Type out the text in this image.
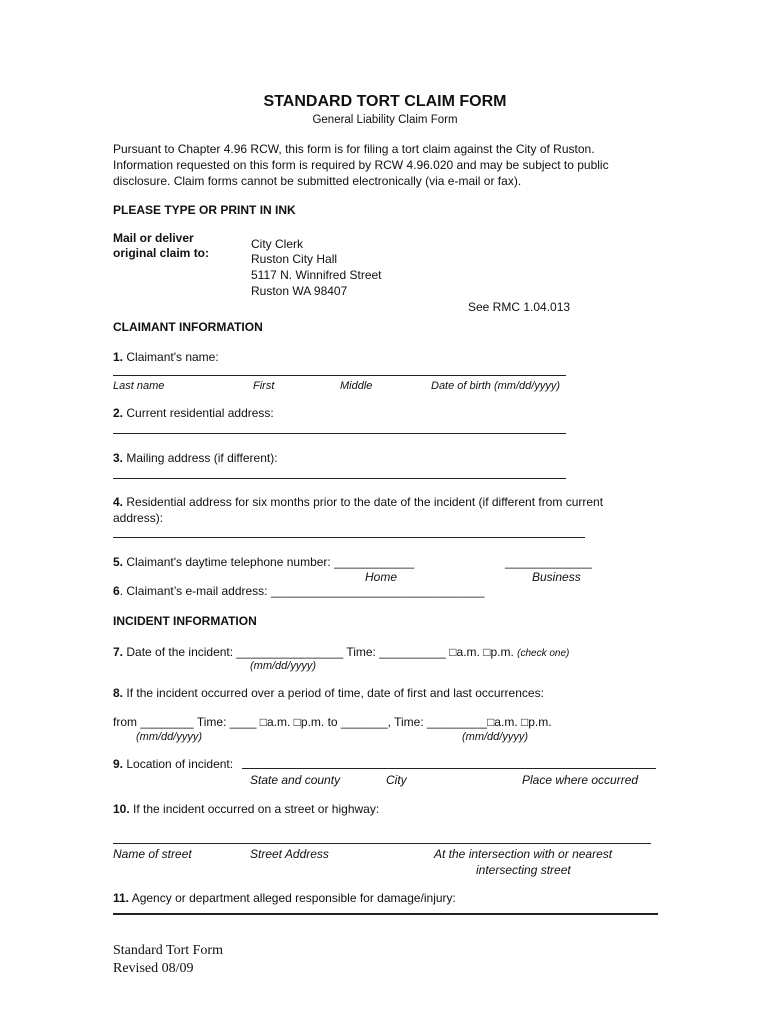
STANDARD TORT CLAIM FORM
General Liability Claim Form
Pursuant to Chapter 4.96 RCW, this form is for filing a tort claim against the City of Ruston.
Information requested on this form is required by RCW 4.96.020 and may be subject to public
disclosure. Claim forms cannot be submitted electronically (via e-mail or fax).
PLEASE TYPE OR PRINT IN INK
Mail or deliver
original claim to:
City Clerk
Ruston City Hall
5117 N. Winnifred Street
Ruston WA 98407
See RMC 1.04.013
CLAIMANT INFORMATION
1. Claimant's name:
Last name	First	Middle	Date of birth (mm/dd/yyyy)
2. Current residential address:
3. Mailing address (if different):
4. Residential address for six months prior to the date of the incident (if different from current
address):
5. Claimant's daytime telephone number: ____________	_____________
Home	Business
6. Claimant’s e-mail address: ________________________________
INCIDENT INFORMATION
7. Date of the incident: ________________ Time: __________ □a.m. □p.m. (check one)
(mm/dd/yyyy)
8. If the incident occurred over a period of time, date of first and last occurrences:
from ________ Time: ____ □a.m. □p.m. to _______, Time: _________□a.m. □p.m.
(mm/dd/yyyy)	(mm/dd/yyyy)
9. Location of incident:
State and county	City	Place where occurred
10. If the incident occurred on a street or highway:
Name of street	Street Address	At the intersection with or nearest
intersecting street
11. Agency or department alleged responsible for damage/injury:
Standard Tort Form
Revised 08/09
